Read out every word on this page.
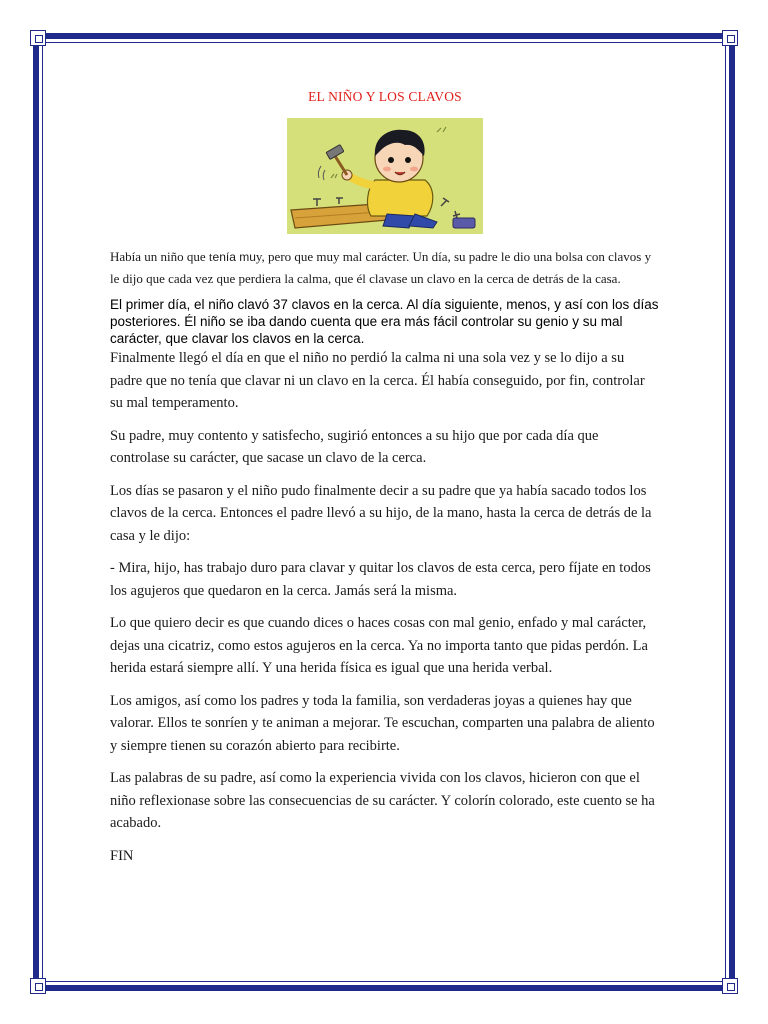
EL NIÑO Y LOS CLAVOS

Había un niño que tenía muy, pero que muy mal carácter. Un día, su padre le dio una bolsa con clavos y le dijo que cada vez que perdiera la calma, que él clavase un clavo en la cerca de detrás de la casa.

El primer día, el niño clavó 37 clavos en la cerca. Al día siguiente, menos, y así con los días posteriores. Él niño se iba dando cuenta que era más fácil controlar su genio y su mal carácter, que clavar los clavos en la cerca.

Finalmente llegó el día en que el niño no perdió la calma ni una sola vez y se lo dijo a su padre que no tenía que clavar ni un clavo en la cerca. Él había conseguido, por fin, controlar su mal temperamento.

Su padre, muy contento y satisfecho, sugirió entonces a su hijo que por cada día que controlase su carácter, que sacase un clavo de la cerca.

Los días se pasaron y el niño pudo finalmente decir a su padre que ya había sacado todos los clavos de la cerca. Entonces el padre llevó a su hijo, de la mano, hasta la cerca de detrás de la casa y le dijo:

- Mira, hijo, has trabajo duro para clavar y quitar los clavos de esta cerca, pero fíjate en todos los agujeros que quedaron en la cerca. Jamás será la misma.

Lo que quiero decir es que cuando dices o haces cosas con mal genio, enfado y mal carácter, dejas una cicatriz, como estos agujeros en la cerca. Ya no importa tanto que pidas perdón. La herida estará siempre allí. Y una herida física es igual que una herida verbal.

Los amigos, así como los padres y toda la familia, son verdaderas joyas a quienes hay que valorar. Ellos te sonríen y te animan a mejorar. Te escuchan, comparten una palabra de aliento y siempre tienen su corazón abierto para recibirte.

Las palabras de su padre, así como la experiencia vivida con los clavos, hicieron con que el niño reflexionase sobre las consecuencias de su carácter. Y colorín colorado, este cuento se ha acabado.

FIN
